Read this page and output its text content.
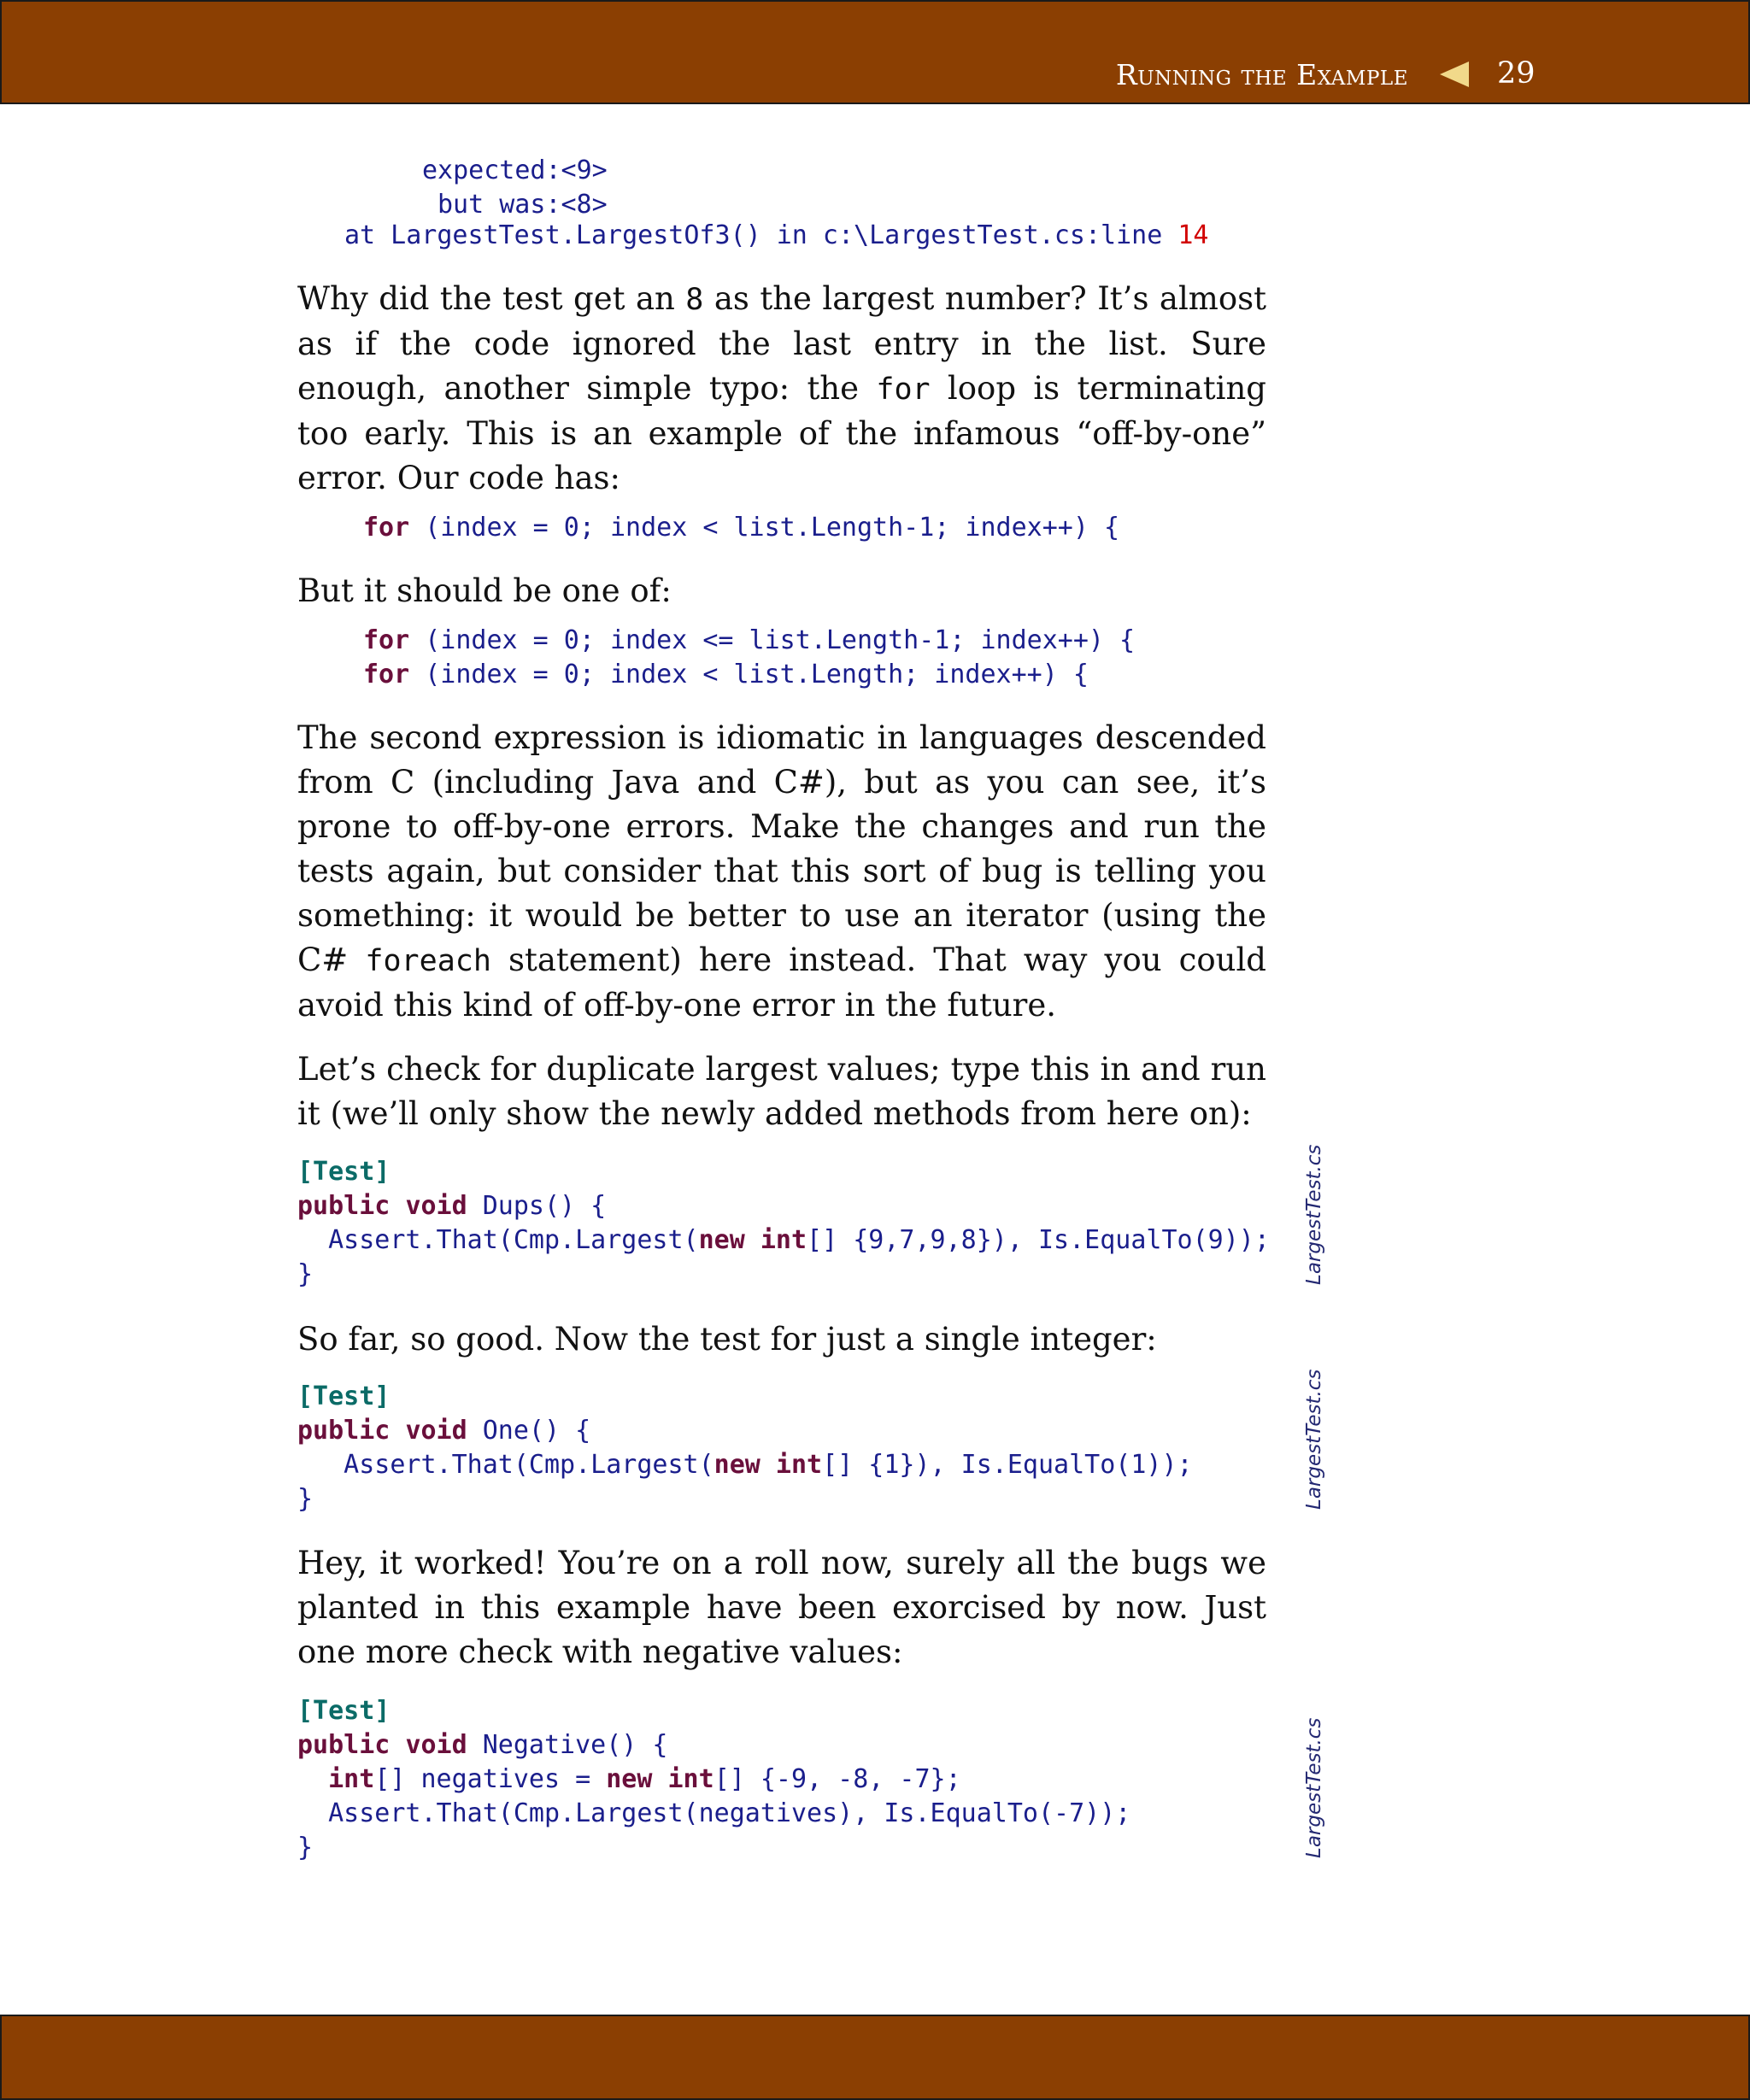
Running the Example	29
expected:<9>
but was:<8>
at LargestTest.LargestOf3() in c:\LargestTest.cs:line 14

Why did the test get an 8 as the largest number? It’s almost as if the code ignored the last entry in the list. Sure enough, another simple typo: the for loop is terminating too early. This is an example of the infamous “off-by-one” error. Our code has:

for (index = 0; index < list.Length-1; index++) {

But it should be one of:

for (index = 0; index <= list.Length-1; index++) {
for (index = 0; index < list.Length; index++) {

The second expression is idiomatic in languages descended from C (including Java and C#), but as you can see, it’s prone to off-by-one errors. Make the changes and run the tests again, but consider that this sort of bug is telling you something: it would be better to use an iterator (using the C# foreach statement) here instead. That way you could avoid this kind of off-by-one error in the future.

Let’s check for duplicate largest values; type this in and run it (we’ll only show the newly added methods from here on):

[Test]
public void Dups() {
Assert.That(Cmp.Largest(new int[] {9,7,9,8}), Is.EqualTo(9));
}	LargestTest.cs

So far, so good. Now the test for just a single integer:

[Test]
public void One() {
Assert.That(Cmp.Largest(new int[] {1}), Is.EqualTo(1));
}	LargestTest.cs

Hey, it worked! You’re on a roll now, surely all the bugs we planted in this example have been exorcised by now. Just one more check with negative values:

[Test]
public void Negative() {
int[] negatives = new int[] {-9, -8, -7};
Assert.That(Cmp.Largest(negatives), Is.EqualTo(-7));
}	LargestTest.cs
